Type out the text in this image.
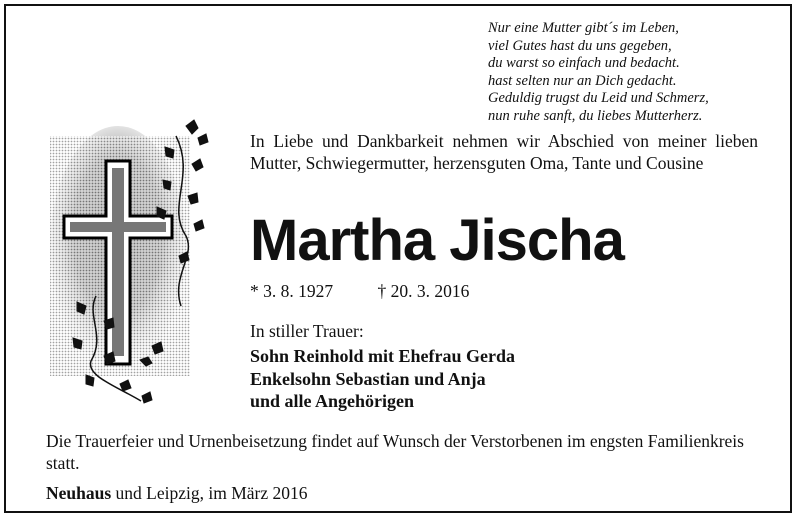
Nur eine Mutter gibt´s im Leben,
viel Gutes hast du uns gegeben,
du warst so einfach und bedacht.
hast selten nur an Dich gedacht.
Geduldig trugst du Leid und Schmerz,
nun ruhe sanft, du liebes Mutterherz.
In Liebe und Dankbarkeit nehmen wir Abschied von meiner lieben Mutter, Schwiegermutter, herzensguten Oma, Tante und Cousine
Martha Jischa
* 3. 8. 1927	† 20. 3. 2016
In stiller Trauer:
Sohn Reinhold mit Ehefrau Gerda
Enkelsohn Sebastian und Anja
und alle Angehörigen
Die Trauerfeier und Urnenbeisetzung findet auf Wunsch der Verstorbenen im engsten Familienkreis statt.
Neuhaus und Leipzig, im März 2016
